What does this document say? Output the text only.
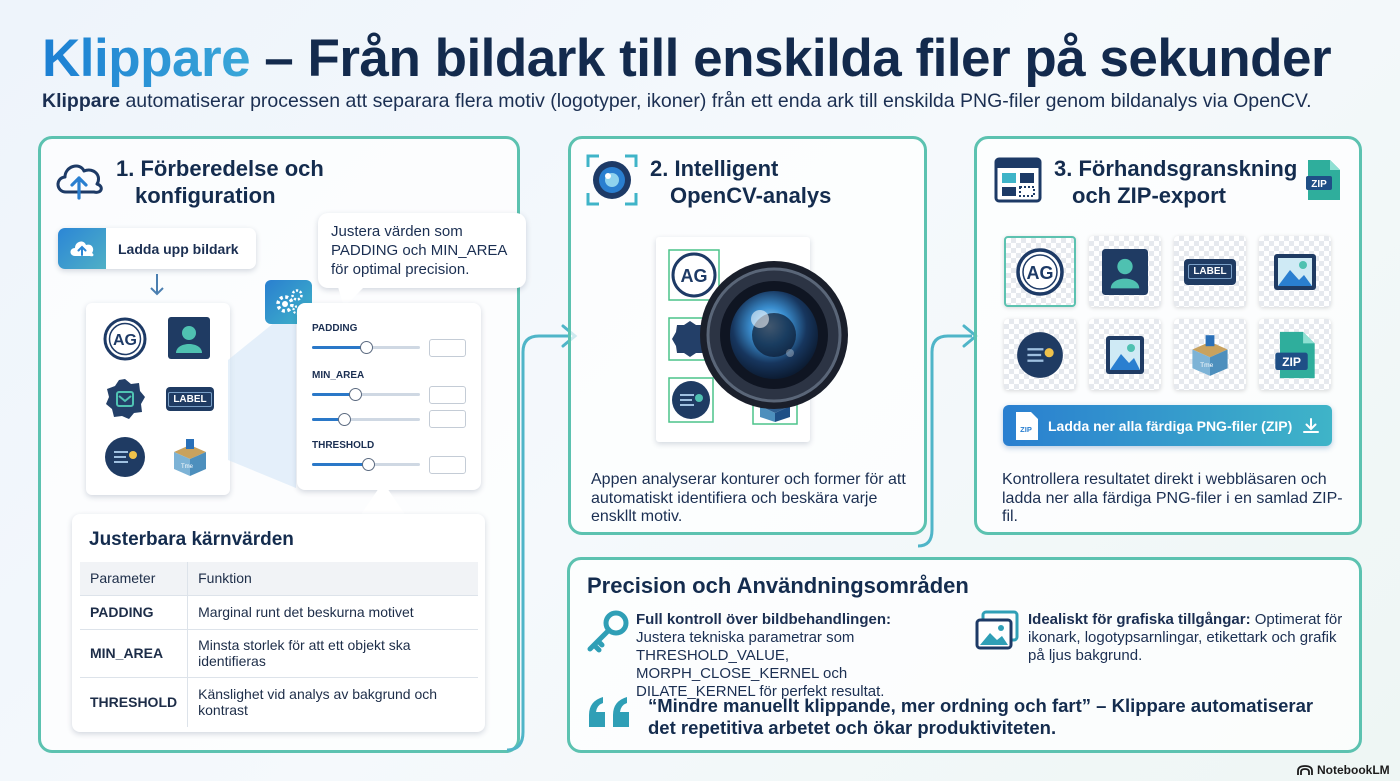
Klippare – Från bildark till enskilda filer på sekunder
Klippare automatiserar processen att separara flera motiv (logotyper, ikoner) från ett enda ark till enskilda PNG-filer genom bildanalys via OpenCV.
1. Förberedelse och
konfiguration
Ladda upp bildark
AG
LABEL
Tme
Justera värden som
PADDING och MIN_AREA
för optimal precision.
PADDING
MIN_AREA
THRESHOLD
Justerbara kärnvärden
Parameter	Funktion
PADDING	Marginal runt det beskurna motivet
MIN_AREA	Minsta storlek för att ett objekt ska identifieras
THRESHOLD	Känslighet vid analys av bakgrund och kontrast
2. Intelligent
OpenCV-analys
AG
Appen analyserar konturer och former för att automatiskt identifiera och beskära varje enskllt motiv.
3. Förhandsgranskning
och ZIP-export	ZIP
AG	LABEL
Tme	ZIP
ZIP Ladda ner alla färdiga PNG-filer (ZIP)
Kontrollera resultatet direkt i webbläsaren och ladda ner alla färdiga PNG-filer i en samlad ZIP-fil.
Precision och Användningsområden
Full kontroll över bildbehandlingen:
Justera tekniska parametrar som THRESHOLD_VALUE, MORPH_CLOSE_KERNEL och DILATE_KERNEL för perfekt resultat.
Idealiskt för grafiska tillgångar: Optimerat för ikonark, logotypsarnlingar, etikettark och grafik på ljus bakgrund.
“Mindre manuellt klippande, mer ordning och fart” – Klippare automatiserar det repetitiva arbetet och ökar produktiviteten.
NotebookLM
